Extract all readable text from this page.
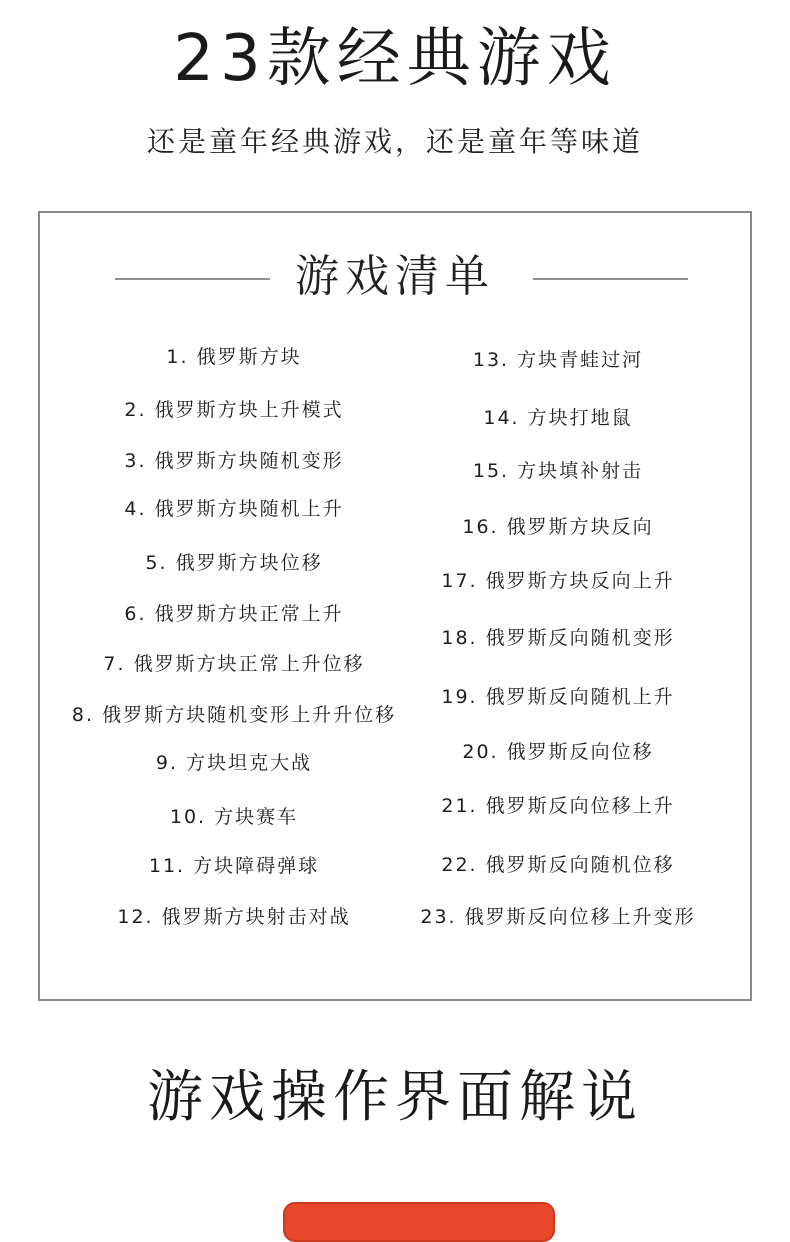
23款经典游戏
还是童年经典游戏，还是童年等味道
游戏清单
1. 俄罗斯方块
2. 俄罗斯方块上升模式
3. 俄罗斯方块随机变形
4. 俄罗斯方块随机上升
5. 俄罗斯方块位移
6. 俄罗斯方块正常上升
7. 俄罗斯方块正常上升位移
8. 俄罗斯方块随机变形上升升位移
9. 方块坦克大战
10. 方块赛车
11. 方块障碍弹球
12. 俄罗斯方块射击对战
13. 方块青蛙过河
14. 方块打地鼠
15. 方块填补射击
16. 俄罗斯方块反向
17. 俄罗斯方块反向上升
18. 俄罗斯反向随机变形
19. 俄罗斯反向随机上升
20. 俄罗斯反向位移
21. 俄罗斯反向位移上升
22. 俄罗斯反向随机位移
23. 俄罗斯反向位移上升变形
游戏操作界面解说
